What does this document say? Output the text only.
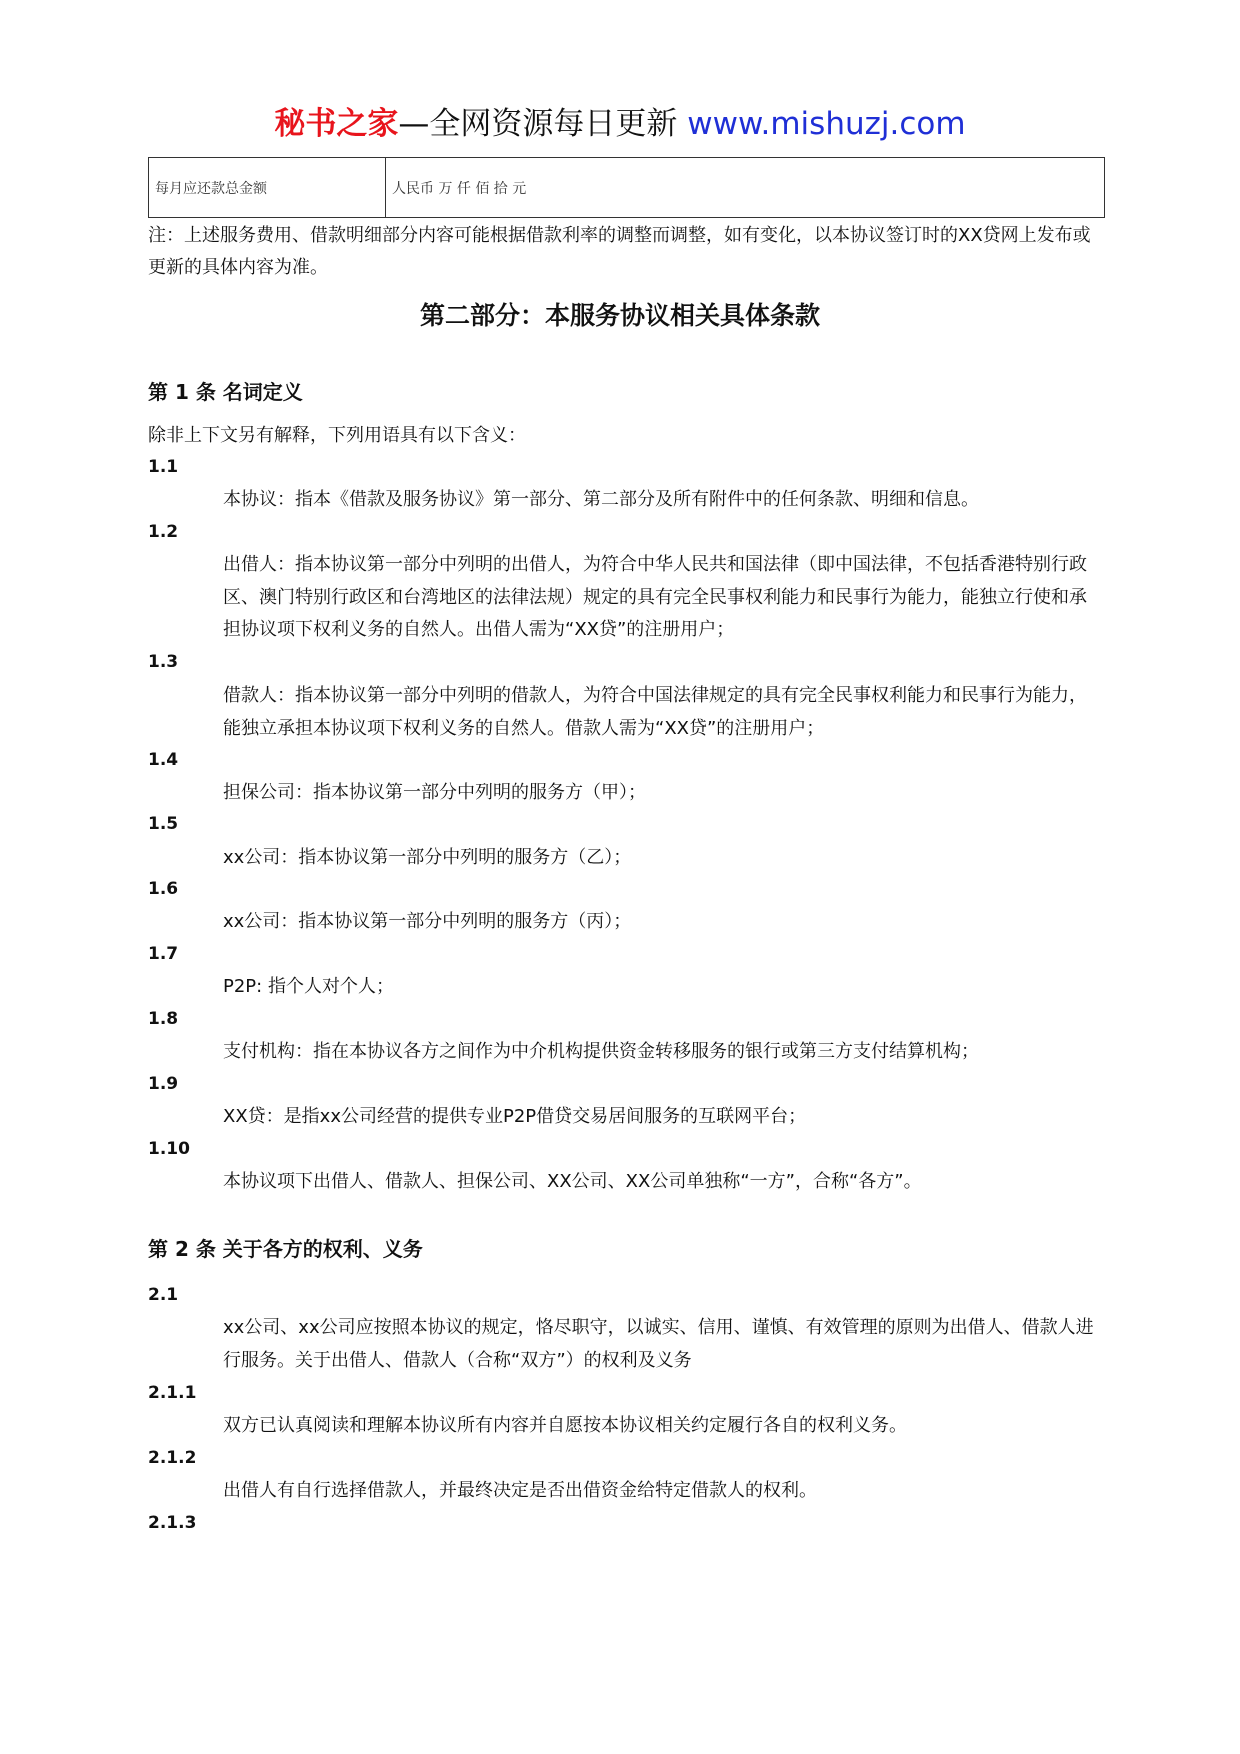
秘书之家—全网资源每日更新 www.mishuzj.com
每月应还款总金额	人民币 万 仟 佰 拾 元
注：上述服务费用、借款明细部分内容可能根据借款利率的调整而调整，如有变化，以本协议签订时的XX贷网上发布或更新的具体内容为准。
第二部分：本服务协议相关具体条款
第 1 条 名词定义
除非上下文另有解释，下列用语具有以下含义：
1.1
本协议：指本《借款及服务协议》第一部分、第二部分及所有附件中的任何条款、明细和信息。
1.2
出借人：指本协议第一部分中列明的出借人，为符合中华人民共和国法律（即中国法律，不包括香港特别行政区、澳门特别行政区和台湾地区的法律法规）规定的具有完全民事权利能力和民事行为能力，能独立行使和承担协议项下权利义务的自然人。出借人需为“XX贷”的注册用户；
1.3
借款人：指本协议第一部分中列明的借款人，为符合中国法律规定的具有完全民事权利能力和民事行为能力，能独立承担本协议项下权利义务的自然人。借款人需为“XX贷”的注册用户；
1.4
担保公司：指本协议第一部分中列明的服务方（甲）；
1.5
xx公司：指本协议第一部分中列明的服务方（乙）；
1.6
xx公司：指本协议第一部分中列明的服务方（丙）；
1.7
P2P: 指个人对个人；
1.8
支付机构：指在本协议各方之间作为中介机构提供资金转移服务的银行或第三方支付结算机构；
1.9
XX贷：是指xx公司经营的提供专业P2P借贷交易居间服务的互联网平台；
1.10
本协议项下出借人、借款人、担保公司、XX公司、XX公司单独称“一方”，合称“各方”。
第 2 条 关于各方的权利、义务
2.1
xx公司、xx公司应按照本协议的规定，恪尽职守，以诚实、信用、谨慎、有效管理的原则为出借人、借款人进行服务。关于出借人、借款人（合称“双方”）的权利及义务
2.1.1
双方已认真阅读和理解本协议所有内容并自愿按本协议相关约定履行各自的权利义务。
2.1.2
出借人有自行选择借款人，并最终决定是否出借资金给特定借款人的权利。
2.1.3
